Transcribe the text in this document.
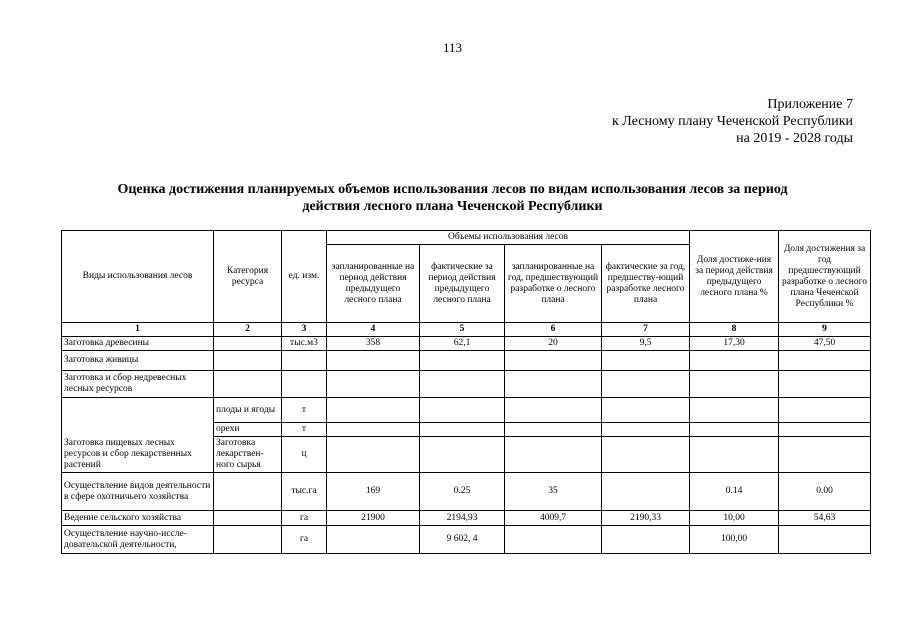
113
Приложение 7
к Лесному плану Чеченской Республики
на 2019 - 2028 годы
Оценка достижения планируемых объемов использования лесов по видам использования лесов за период
действия лесного плана Чеченской Республики
Виды использования лесов	Категория ресурса	ед. изм.	Объемы использования лесов				Доля достиже-ния за период действия предыдущего лесного плана %	Доля достижения за год предшествующий разработке о лесного плана Чеченской Республики %
			запланированные на период действия предыдущего лесного плана	фактические за период действия предыдущего лесного плана	запланированные на год, предшествующий разработке о лесного плана	фактические за год, предшеству-ющий разработке лесного плана		
1	2	3	4	5	6	7	8	9
Заготовка древесины		тыс.м3	358	62,1	20	9,5	17,30	47,50
Заготовка живицы								
Заготовка и сбор недревесных лесных ресурсов								
Заготовка пищевых лесных ресурсов и сбор лекарственных растений	плоды и ягоды	т						
	орехи	т						
	Заготовка лекарствен-ного сырья	ц						
Осуществление видов деятельности в сфере охотничьего хозяйства		тыс.га	169	0.25	35		0.14	0.00
Ведение сельского хозяйства		га	21900	2194,93	4009,7	2190,33	10,00	54,63
Осуществление научно-иссле-довательской деятельности,		га		9 602, 4			100,00	
